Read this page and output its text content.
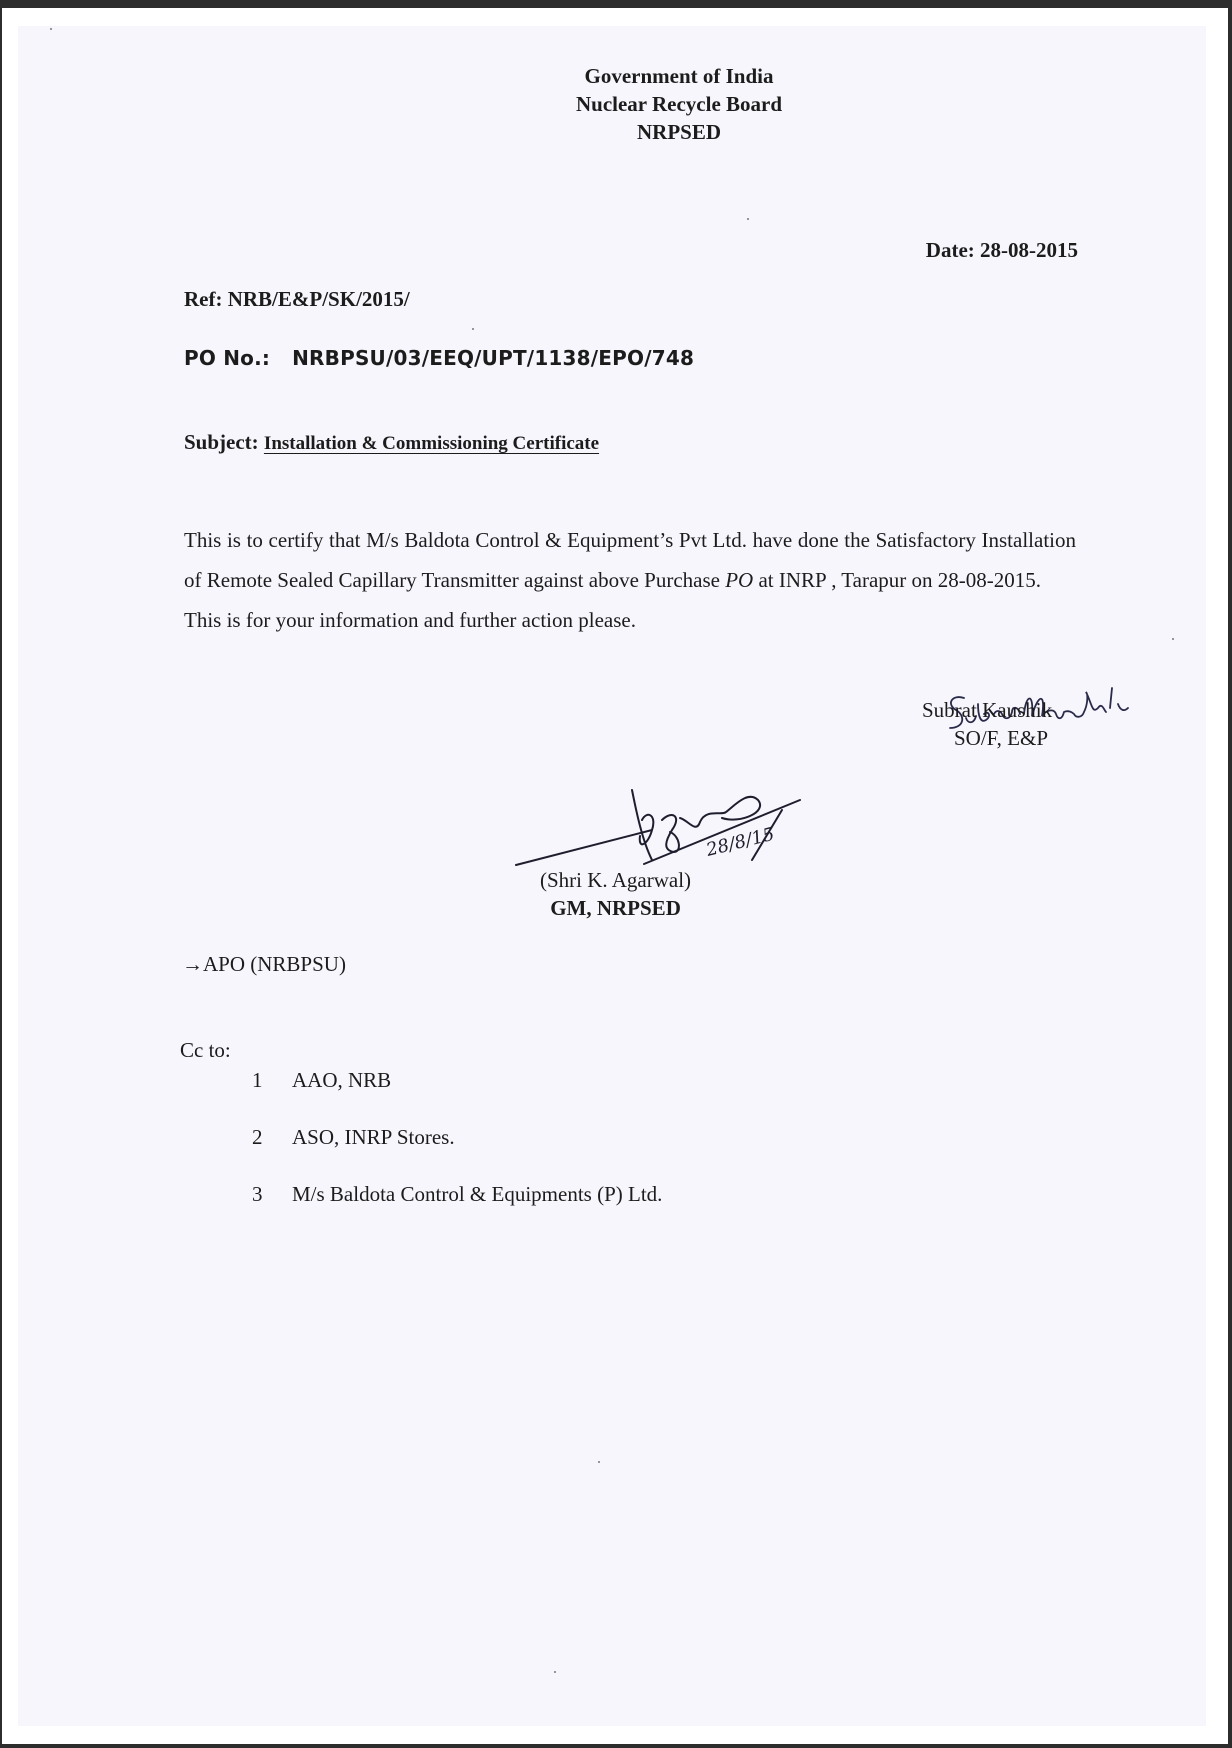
Government of India
Nuclear Recycle Board
NRPSED
Date: 28-08-2015
Ref: NRB/E&P/SK/2015/
PO No.: NRBPSU/03/EEQ/UPT/1138/EPO/748
Subject: Installation & Commissioning Certificate

This is to certify that M/s Baldota Control & Equipment’s Pvt Ltd. have done the Satisfactory Installation of Remote Sealed Capillary Transmitter against above Purchase PO at INRP , Tarapur on 28-08-2015.

This is for your information and further action please.

Subrat Kaushik
SO/F, E&P
28/8/15
(Shri K. Agarwal)
GM, NRPSED
→APO (NRBPSU)
Cc to:
1	AAO, NRB
2	ASO, INRP Stores.
3	M/s Baldota Control & Equipments (P) Ltd.
